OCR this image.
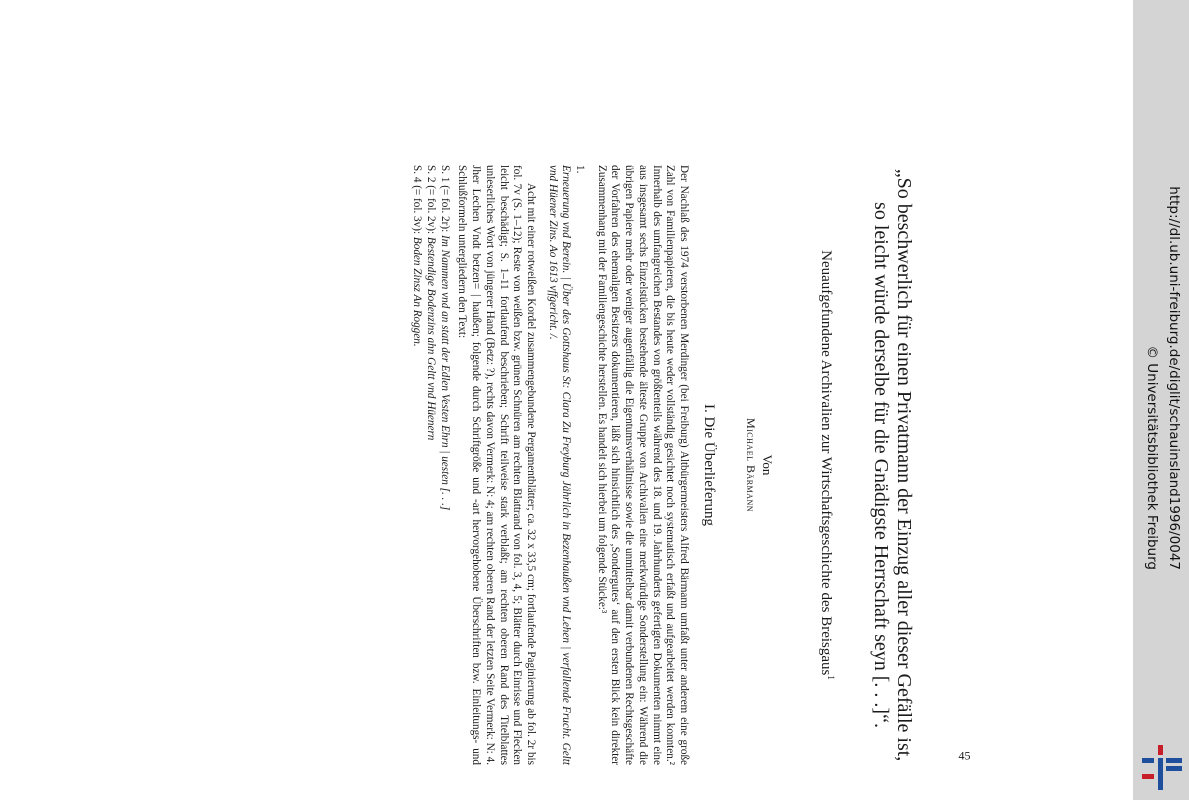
45
„So beschwerlich für einen Privatmann der Einzug aller dieser Gefälle ist, so leicht würde derselbe für die Gnädigste Herrschaft seyn [. . .]“.
Neuaufgefundene Archivalien zur Wirtschaftsgeschichte des Breisgaus$^1$
Von
Michael Bärmann
I. Die Überlieferung

Der Nachlaß des 1974 verstorbenen Merdinger (bei Freiburg) Altbürgermeisters Alfred Bärmann umfaßt unter anderem eine große Zahl von Familienpapieren, die bis heute weder vollständig gesichtet noch systematisch erfaßt und aufgearbeitet werden konnten.² Innerhalb des umfangreichen Bestandes von größtenteils während des 18. und 19. Jahrhunderts gefertigten Dokumenten nimmt eine aus insgesamt sechs Einzelstücken bestehende älteste Gruppe von Archivalien eine merkwürdige Sonderstellung ein: Während die übrigen Papiere mehr oder weniger augenfällig die Eigentumsverhältnisse sowie die unmittelbar damit verbundenen Rechtsgeschäfte der Vorfahren des ehemaligen Besitzers dokumentieren, läßt sich hinsichtlich des ‚Sondergutes‘ auf den ersten Blick kein direkter Zusammenhang mit der Familiengeschichte herstellen. Es handelt sich hierbei um folgende Stücke:³

1.

Erneuerung vnd Berein. | Über des Gottshaus St: Clara Zu Freyburg Jährlich in Bezenhaußen vnd Lehen | verfallende Frucht. Geltt vnd Hüener Zins. Ao 1613 vffgericht. /.

Acht mit einer rotweißen Kordel zusammengebundene Pergamentblätter; ca. 32 x 33,5 cm; fortlaufende Paginierung ab fol. 2r bis fol. 7v (S. 1–12); Reste von weißen bzw. grünen Schnüren am rechten Blattrand von fol. 3, 4, 5; Blätter durch Einrisse und Flecken leicht beschädigt; S. 1–11 fortlaufend beschrieben; Schrift teilweise stark verblaßt; am rechten oberen Rand des Titelblattes unleserliches Wort von jüngerer Hand (Betz: ?), rechts davon Vermerk: N: 4; am rechten oberen Rand der letzten Seite Vermerk: N: 4. Jher Lechen Vndt betzen= | haußen; folgende durch Schriftgröße und -art hervorgehobene Überschriften bzw. Einleitungs- und Schlußformeln untergliedern den Text:

S. 1 (= fol. 2r): Im Nammen vnd an statt der Edlen Vesten Ehrn | uesten [. . .]
S. 2 (= fol. 2v): Bestendige Bodenzins ahn Geltt vnd Hüenern
S. 4 (= fol. 3v): Boden Zinsz An Roggen.	http://dl.ub.uni-freiburg.de/diglit/schauinsland1996/0047
© Universitätsbibliothek Freiburg
